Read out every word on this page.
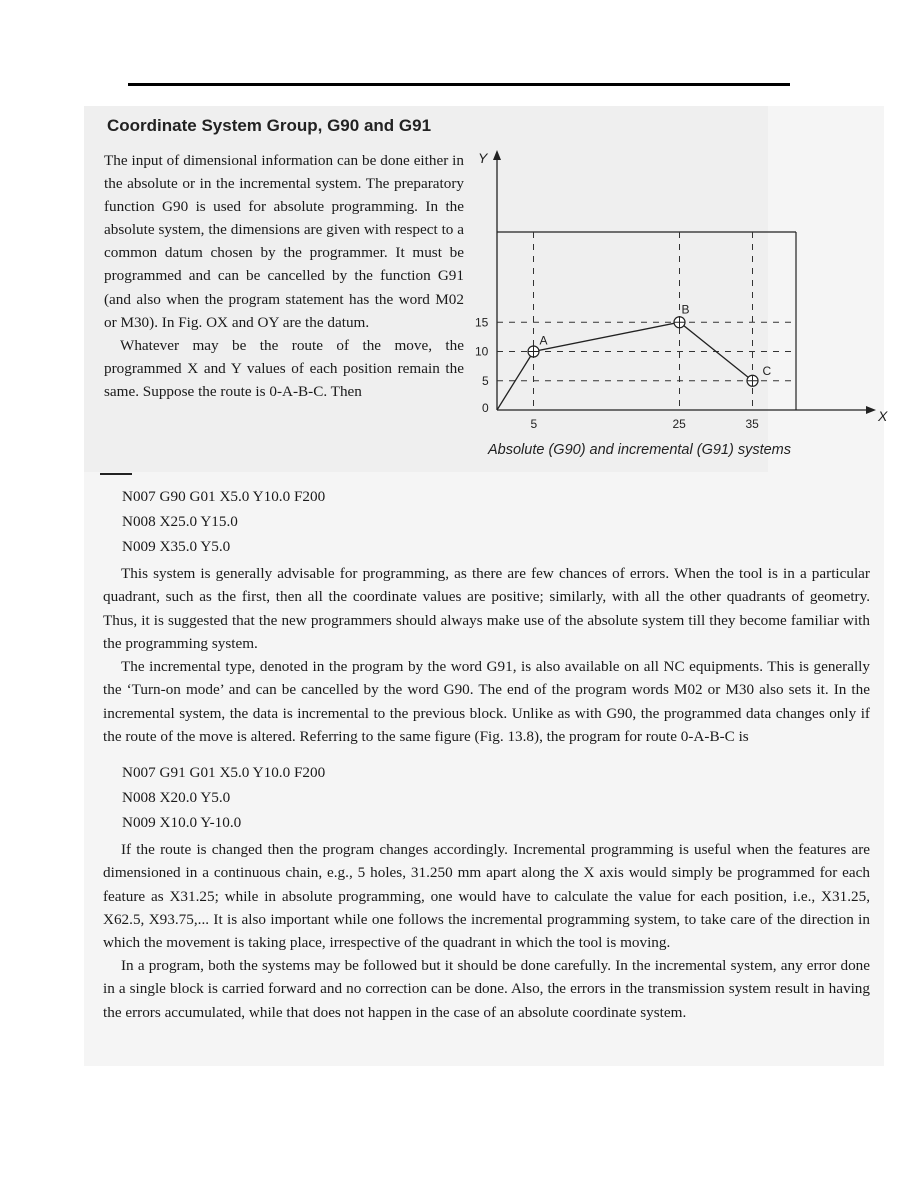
Coordinate System Group, G90 and G91

The input of dimensional information can be done either in the absolute or in the incremental system. The preparatory function G90 is used for absolute programming. In the absolute system, the dimensions are given with respect to a common datum chosen by the programmer. It must be programmed and can be cancelled by the function G91 (and also when the program statement has the word M02 or M30). In Fig. OX and OY are the datum.

Whatever may be the route of the move, the programmed X and Y values of each position remain the same. Suppose the route is 0-A-B-C. Then

5	25	35
5
10
15
A
B
C
Y
X
0
Absolute (G90) and incremental (G91) systems
N007 G90 G01 X5.0 Y10.0 F200
N008 X25.0 Y15.0
N009 X35.0 Y5.0

This system is generally advisable for programming, as there are few chances of errors. When the tool is in a particular quadrant, such as the first, then all the coordinate values are positive; similarly, with all the other quadrants of geometry. Thus, it is suggested that the new programmers should always make use of the absolute system till they become familiar with the programming system.

The incremental type, denoted in the program by the word G91, is also available on all NC equipments. This is generally the ‘Turn-on mode’ and can be cancelled by the word G90. The end of the program words M02 or M30 also sets it. In the incremental system, the data is incremental to the previous block. Unlike as with G90, the programmed data changes only if the route of the move is altered. Referring to the same figure (Fig. 13.8), the program for route 0-A-B-C is

N007 G91 G01 X5.0 Y10.0 F200
N008 X20.0 Y5.0
N009 X10.0 Y-10.0

If the route is changed then the program changes accordingly. Incremental programming is useful when the features are dimensioned in a continuous chain, e.g., 5 holes, 31.250 mm apart along the X axis would simply be programmed for each feature as X31.25; while in absolute programming, one would have to calculate the value for each position, i.e., X31.25, X62.5, X93.75,... It is also important while one follows the incremental programming system, to take care of the direction in which the movement is taking place, irrespective of the quadrant in which the tool is moving.

In a program, both the systems may be followed but it should be done carefully. In the incremental system, any error done in a single block is carried forward and no correction can be done. Also, the errors in the transmission system result in having the errors accumulated, while that does not happen in the case of an absolute coordinate system.
